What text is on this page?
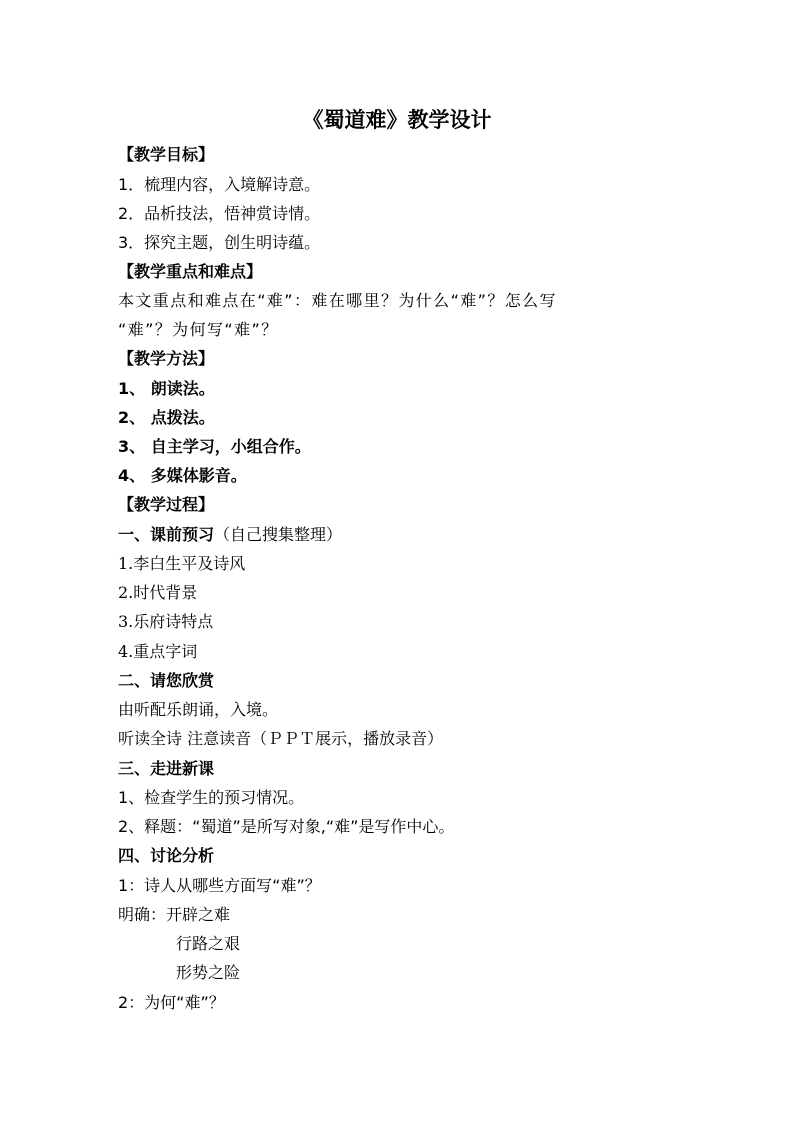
《蜀道难》教学设计
【教学目标】
1．梳理内容，入境解诗意。
2．品析技法，悟神赏诗情。
3．探究主题，创生明诗蕴。
【教学重点和难点】
本文重点和难点在“难”：难在哪里？为什么“难”？怎么写
“难”？为何写“难”？
【教学方法】
1、 朗读法。
2、 点拨法。
3、 自主学习，小组合作。
4、 多媒体影音。
【教学过程】
一、课前预习（自己搜集整理）
1.李白生平及诗风
2.时代背景
3.乐府诗特点
4.重点字词
二、请您欣赏
由听配乐朗诵，入境。
听读全诗 注意读音（ＰＰＴ展示，播放录音）
三、走进新课
1、检查学生的预习情况。
2、释题：“蜀道”是所写对象,“难”是写作中心。
四、讨论分析
1：诗人从哪些方面写“难”？
明确：开辟之难
行路之艰
形势之险
2：为何“难”？
